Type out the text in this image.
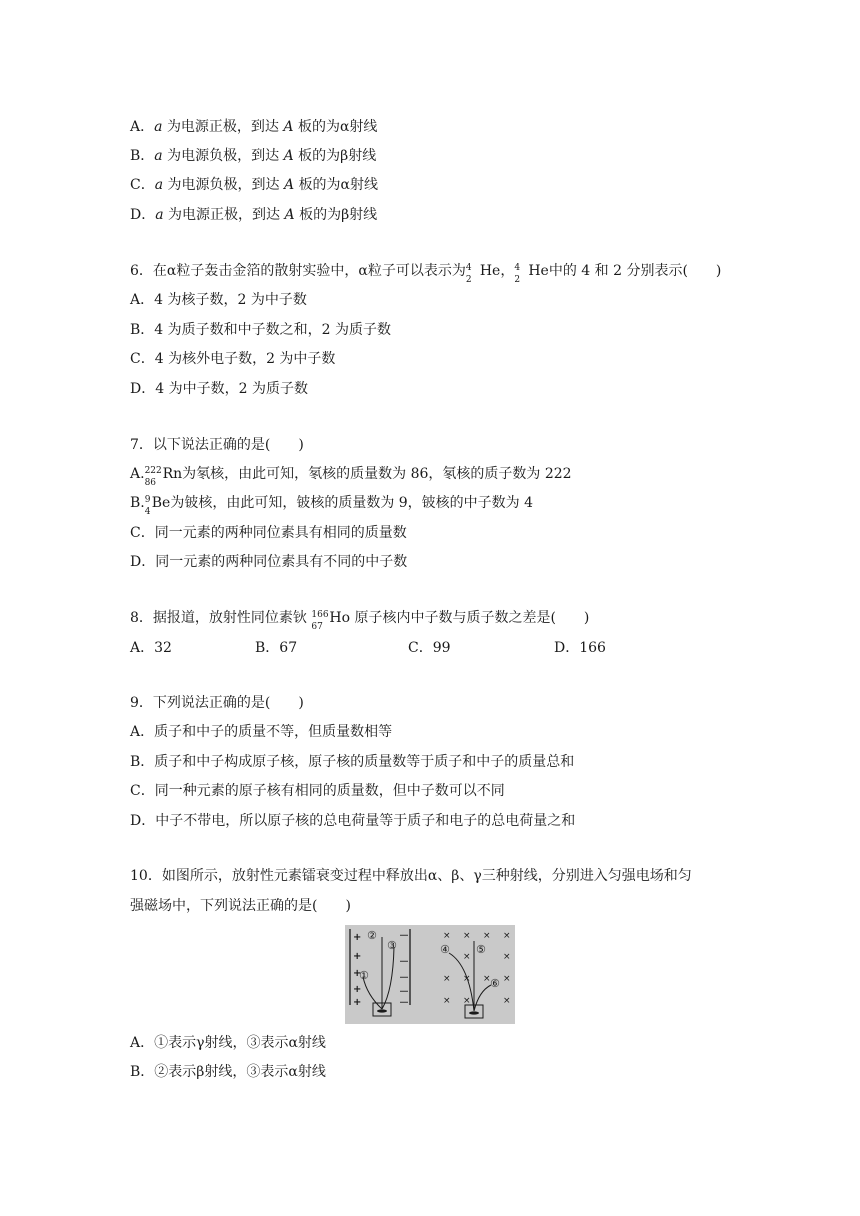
A．a 为电源正极，到达 A 板的为α射线
B．a 为电源负极，到达 A 板的为β射线
C．a 为电源负极，到达 A 板的为α射线
D．a 为电源正极，到达 A 板的为β射线
6．在α粒子轰击金箔的散射实验中，α粒子可以表示为 4
2
He， 4
2
He中的 4 和 2 分别表示(　　)
A．4 为核子数，2 为中子数
B．4 为质子数和中子数之和，2 为质子数
C．4 为核外电子数，2 为中子数
D．4 为中子数，2 为质子数
7．以下说法正确的是(　　)
A. 222
86
Rn为氡核，由此可知，氡核的质量数为 86，氡核的质子数为 222
B. 9
4
Be为铍核，由此可知，铍核的质量数为 9，铍核的中子数为 4
C．同一元素的两种同位素具有相同的质量数
D．同一元素的两种同位素具有不同的中子数
8．据报道，放射性同位素钬 166
67
Ho 原子核内中子数与质子数之差是(　　)
A．32	B．67	C．99	D．166
9．下列说法正确的是(　　)
A．质子和中子的质量不等，但质量数相等
B．质子和中子构成原子核，原子核的质量数等于质子和中子的质量总和
C．同一种元素的原子核有相同的质量数，但中子数可以不同
D．中子不带电，所以原子核的总电荷量等于质子和电子的总电荷量之和
10．如图所示，放射性元素镭衰变过程中释放出α、β、γ三种射线，分别进入匀强电场和匀
强磁场中，下列说法正确的是(　　)
+
+
+
+
+
－
－
－
－
－
①
②
③
× × × ×
×	×
× × × ×
× ×	×
④ ⑤
⑥
A．①表示γ射线，③表示α射线
B．②表示β射线，③表示α射线
